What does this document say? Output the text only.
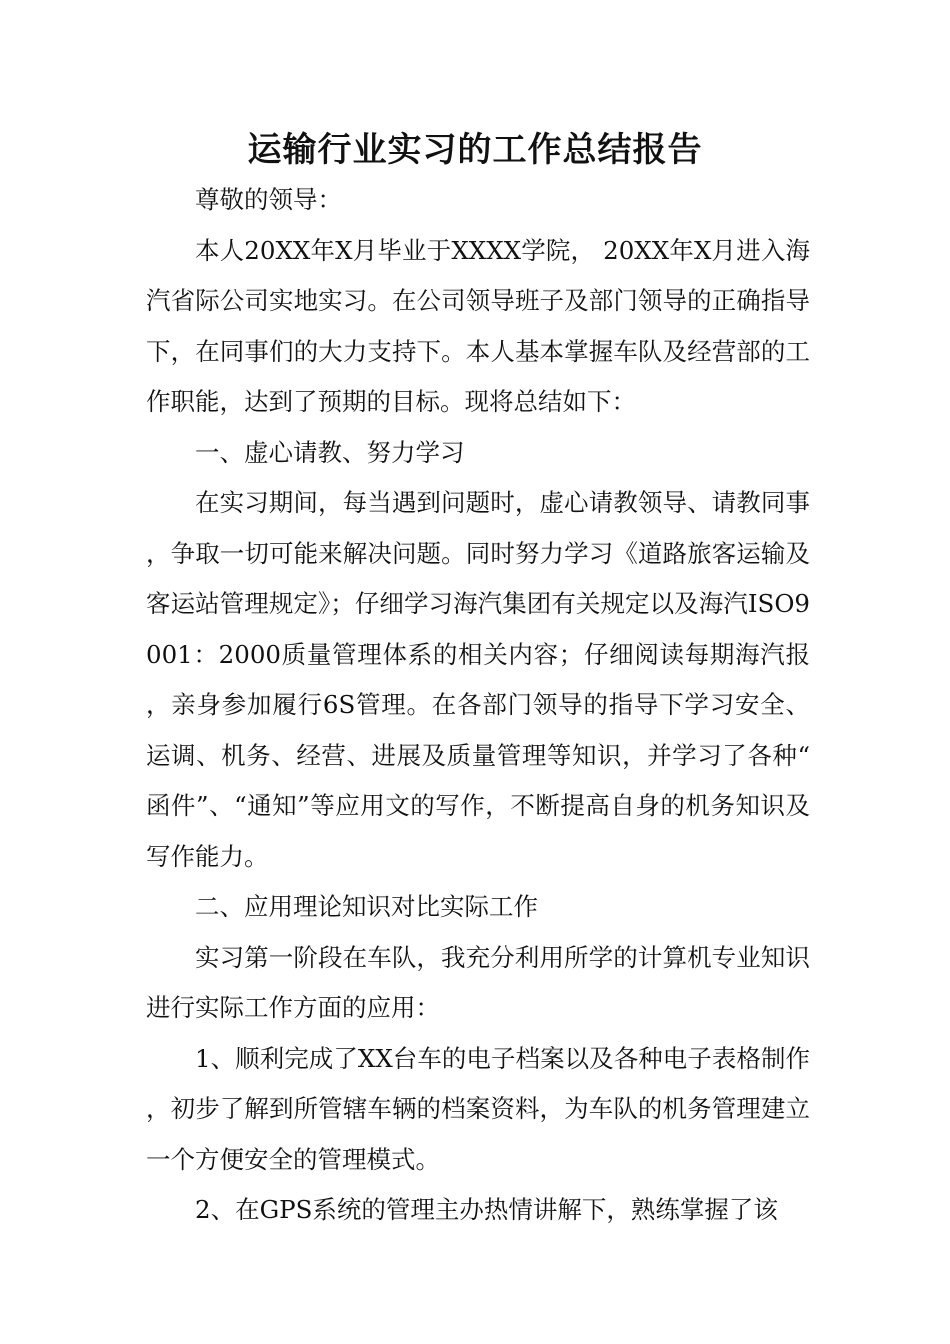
运输行业实习的工作总结报告

尊敬的领导：

本人20XX年X月毕业于XXXX学院， 20XX年X月进入海汽省际公司实地实习。在公司领导班子及部门领导的正确指导下，在同事们的大力支持下。本人基本掌握车队及经营部的工作职能，达到了预期的目标。现将总结如下：

一、虚心请教、努力学习

在实习期间，每当遇到问题时，虚心请教领导、请教同事，争取一切可能来解决问题。同时努力学习《道路旅客运输及客运站管理规定》；仔细学习海汽集团有关规定以及海汽ISO9001：2000质量管理体系的相关内容；仔细阅读每期海汽报，亲身参加履行6S管理。在各部门领导的指导下学习安全、运调、机务、经营、进展及质量管理等知识，并学习了各种“函件”、“通知”等应用文的写作，不断提高自身的机务知识及写作能力。

二、应用理论知识对比实际工作

实习第一阶段在车队，我充分利用所学的计算机专业知识进行实际工作方面的应用：

1、顺利完成了XX台车的电子档案以及各种电子表格制作，初步了解到所管辖车辆的档案资料，为车队的机务管理建立一个方便安全的管理模式。

2、在GPS系统的管理主办热情讲解下，熟练掌握了该
